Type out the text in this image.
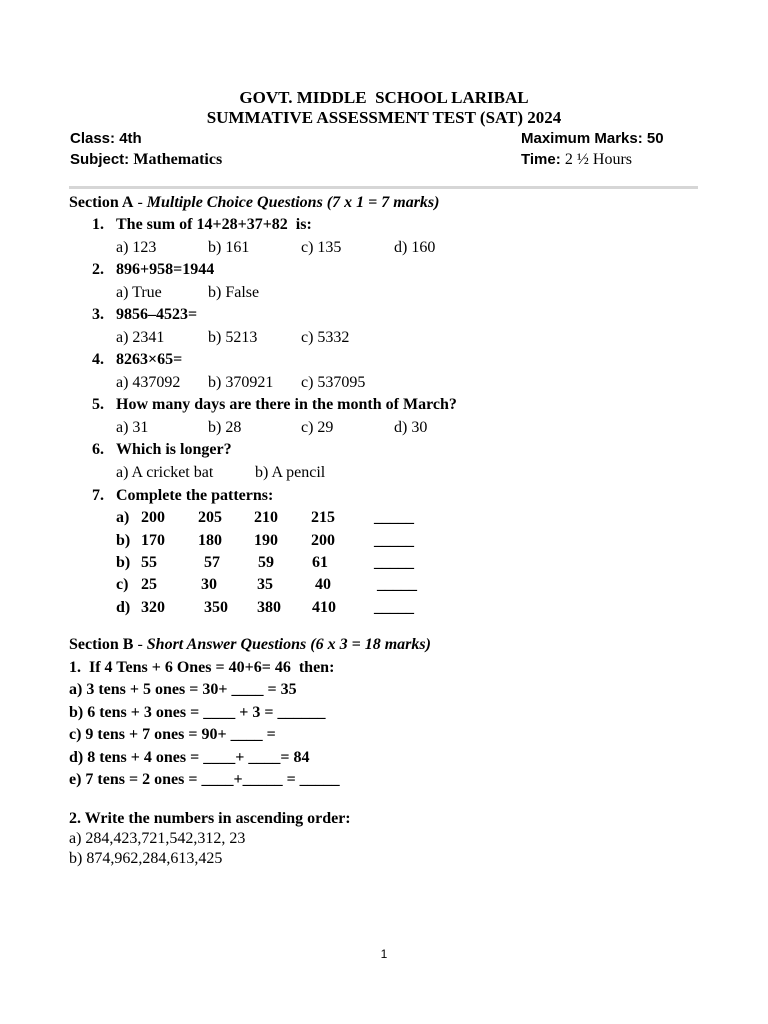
GOVT. MIDDLE  SCHOOL LARIBAL
SUMMATIVE ASSESSMENT TEST (SAT) 2024
Class: 4th
Subject: Mathematics
Maximum Marks: 50
Time: 2 ½ Hours
Section A - Multiple Choice Questions (7 x 1 = 7 marks)
1. The sum of 14+28+37+82  is:
a) 123	b) 161	c) 135	d) 160
2. 896+958=1944
a) True	b) False
3. 9856–4523=
a) 2341	b) 5213	c) 5332
4. 8263×65=
a) 437092 b) 370921 c) 537095
5. How many days are there in the month of March?
a) 31	b) 28	c) 29	d) 30
6. Which is longer?
a) A cricket bat	b) A pencil
7. Complete the patterns:
a) 200 205 210 215 _____
b) 170 180 190 200 _____
b) 55	57 59 61	_____
c) 25	30	35	40	_____
d) 320 350 380 410 _____
Section B - Short Answer Questions (6 x 3 = 18 marks)
1.  If 4 Tens + 6 Ones = 40+6= 46  then:
a) 3 tens + 5 ones = 30+ ____ = 35
b) 6 tens + 3 ones = ____ + 3 = ______
c) 9 tens + 7 ones = 90+ ____ =
d) 8 tens + 4 ones = ____+ ____= 84
e) 7 tens = 2 ones = ____+_____ = _____
2. Write the numbers in ascending order:
a) 284,423,721,542,312, 23
b) 874,962,284,613,425
1
